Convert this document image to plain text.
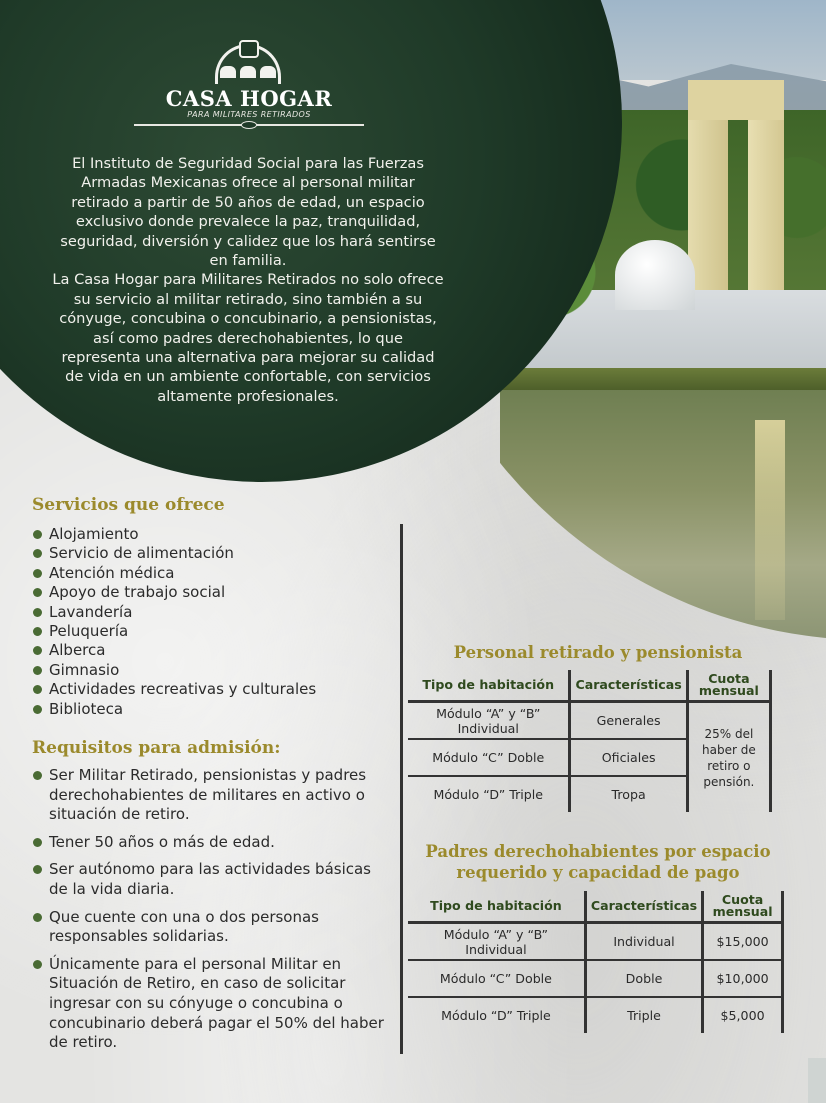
CASA HOGAR
PARA MILITARES RETIRADOS

El Instituto de Seguridad Social para las Fuerzas Armadas Mexicanas ofrece al personal militar retirado a partir de 50 años de edad, un espacio exclusivo donde prevalece la paz, tranquilidad, seguridad, diversión y calidez que los hará sentirse en familia.

La Casa Hogar para Militares Retirados no solo ofrece su servicio al militar retirado, sino también a su cónyuge, concubina o concubinario, a pensionistas, así como padres derechohabientes, lo que representa una alternativa para mejorar su calidad de vida en un ambiente confortable, con servicios altamente profesionales.

Servicios que ofrece
Alojamiento
Servicio de alimentación
Atención médica
Apoyo de trabajo social
Lavandería
Peluquería
Alberca
Gimnasio
Actividades recreativas y culturales
Biblioteca
Requisitos para admisión:
Ser Militar Retirado, pensionistas y padres derechohabientes de militares en activo o situación de retiro.
Tener 50 años o más de edad.
Ser autónomo para las actividades básicas de la vida diaria.
Que cuente con una o dos personas responsables solidarias.
Únicamente para el personal Militar en Situación de Retiro, en caso de solicitar ingresar con su cónyuge o concubina o concubinario deberá pagar el 50% del haber de retiro.
Personal retirado y pensionista
Tipo de habitación	Características	Cuota mensual
Módulo “A” y “B” Individual	Generales	25% del haber de retiro o pensión.
Módulo “C” Doble	Oficiales	
Módulo “D” Triple	Tropa	
Padres derechohabientes por espacio requerido y capacidad de pago
Tipo de habitación	Características	Cuota mensual
Módulo “A” y “B” Individual	Individual	$15,000
Módulo “C” Doble	Doble	$10,000
Módulo “D” Triple	Triple	$5,000
